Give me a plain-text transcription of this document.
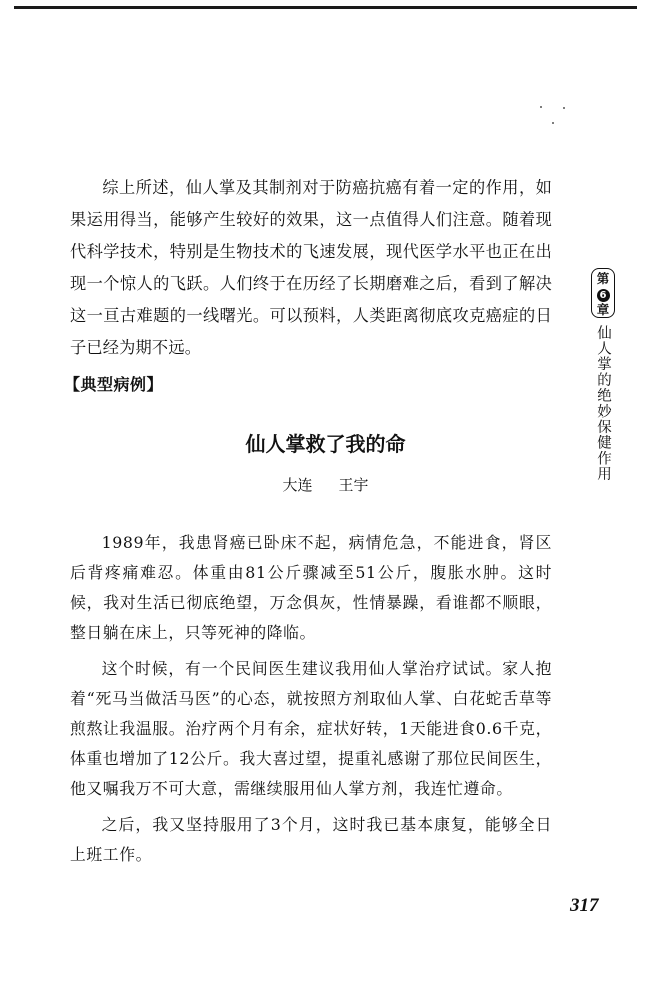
综上所述，仙人掌及其制剂对于防癌抗癌有着一定的作用，如果运用得当，能够产生较好的效果，这一点值得人们注意。随着现代科学技术，特别是生物技术的飞速发展，现代医学水平也正在出现一个惊人的飞跃。人们终于在历经了长期磨难之后，看到了解决这一亘古难题的一线曙光。可以预料，人类距离彻底攻克癌症的日子已经为期不远。

【典型病例】
仙人掌救了我的命
大连 王宇

1989年，我患肾癌已卧床不起，病情危急，不能进食，肾区后背疼痛难忍。体重由81公斤骤减至51公斤，腹胀水肿。这时候，我对生活已彻底绝望，万念俱灰，性情暴躁，看谁都不顺眼，整日躺在床上，只等死神的降临。

这个时候，有一个民间医生建议我用仙人掌治疗试试。家人抱着“死马当做活马医”的心态，就按照方剂取仙人掌、白花蛇舌草等煎熬让我温服。治疗两个月有余，症状好转，1天能进食0.6千克，体重也增加了12公斤。我大喜过望，提重礼感谢了那位民间医生，他又嘱我万不可大意，需继续服用仙人掌方剂，我连忙遵命。

之后，我又坚持服用了3个月，这时我已基本康复，能够全日上班工作。

第
6
章
仙人掌的绝妙保健作用
317
